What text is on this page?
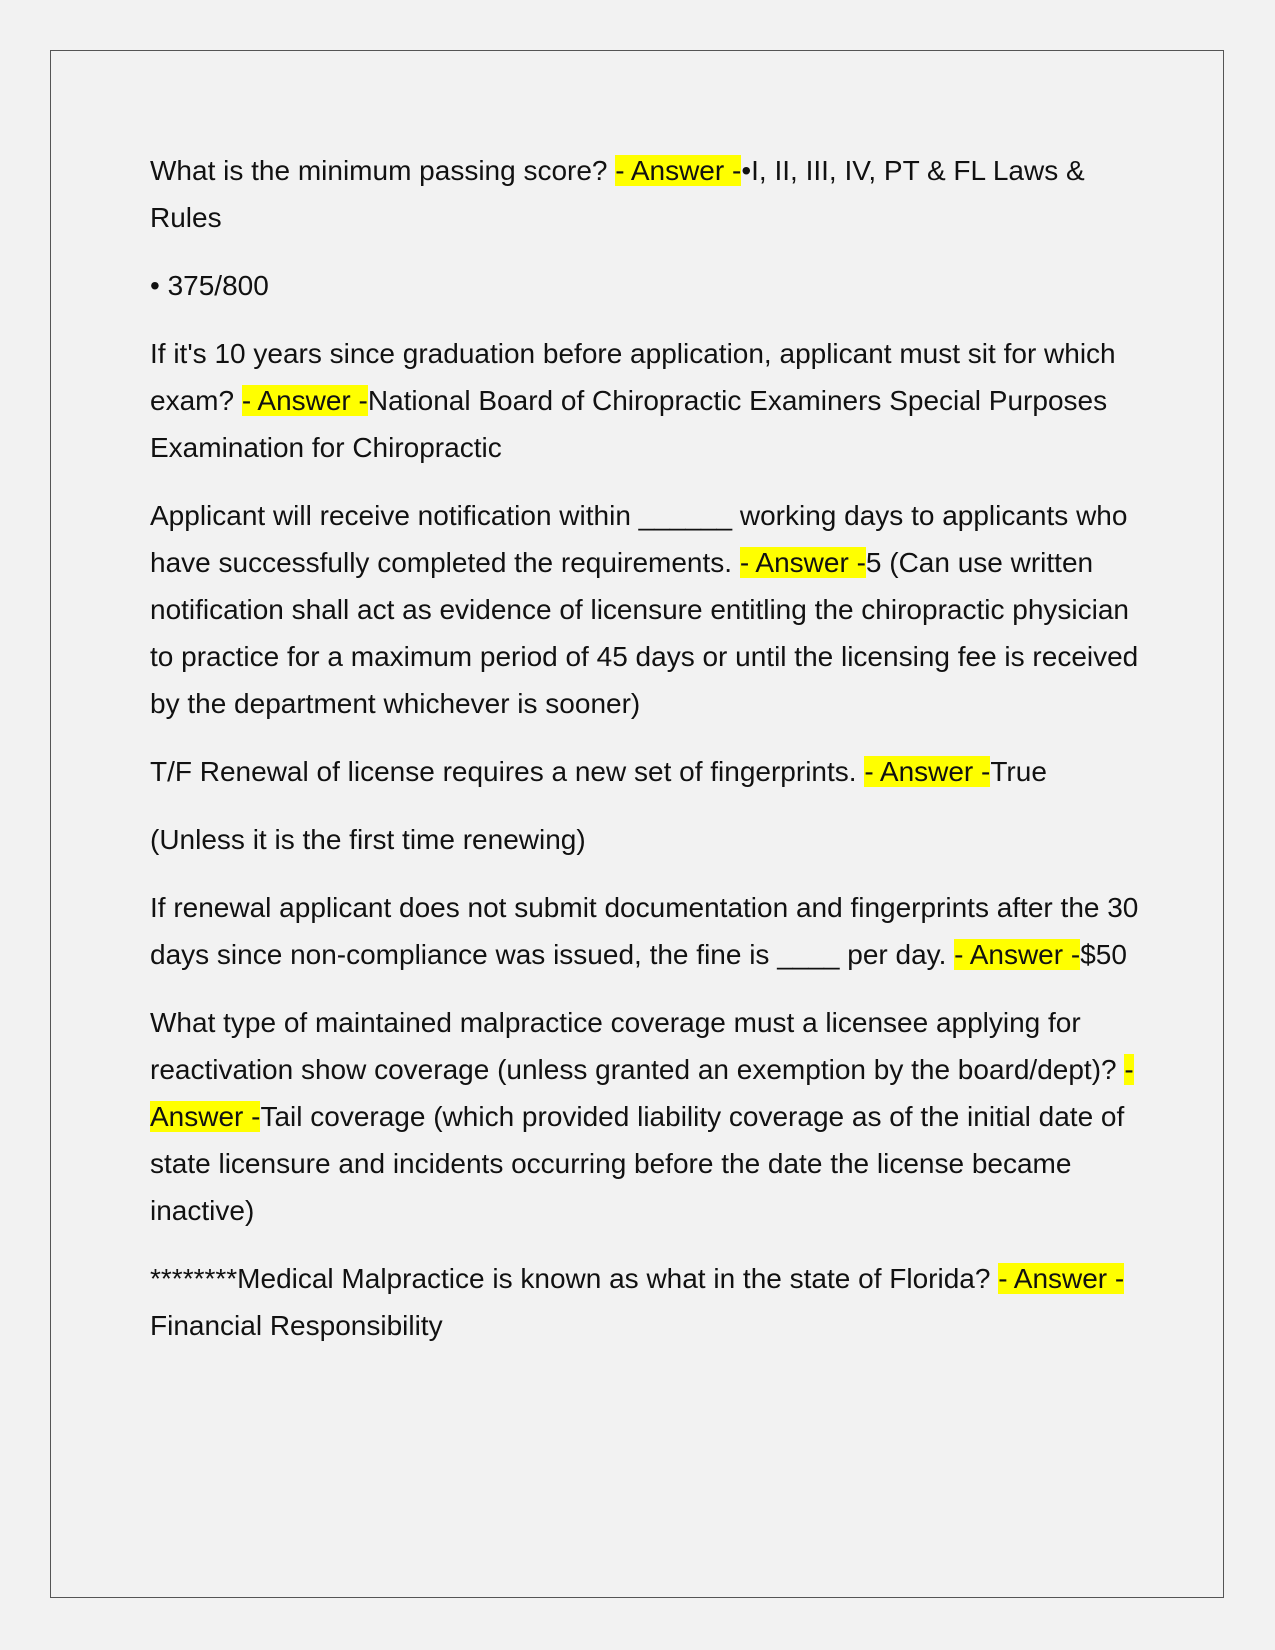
What is the minimum passing score? - Answer -•I, II, III, IV, PT & FL Laws & Rules

• 375/800

If it's 10 years since graduation before application, applicant must sit for which exam? - Answer -National Board of Chiropractic Examiners Special Purposes Examination for Chiropractic

Applicant will receive notification within ______ working days to applicants who have successfully completed the requirements. - Answer -5 (Can use written notification shall act as evidence of licensure entitling the chiropractic physician to practice for a maximum period of 45 days or until the licensing fee is received by the department whichever is sooner)

T/F Renewal of license requires a new set of fingerprints. - Answer -True

(Unless it is the first time renewing)

If renewal applicant does not submit documentation and fingerprints after the 30 days since non-compliance was issued, the fine is ____ per day. - Answer -$50

What type of maintained malpractice coverage must a licensee applying for reactivation show coverage (unless granted an exemption by the board/dept)? - Answer -Tail coverage (which provided liability coverage as of the initial date of state licensure and incidents occurring before the date the license became inactive)

********Medical Malpractice is known as what in the state of Florida? - Answer -Financial Responsibility
